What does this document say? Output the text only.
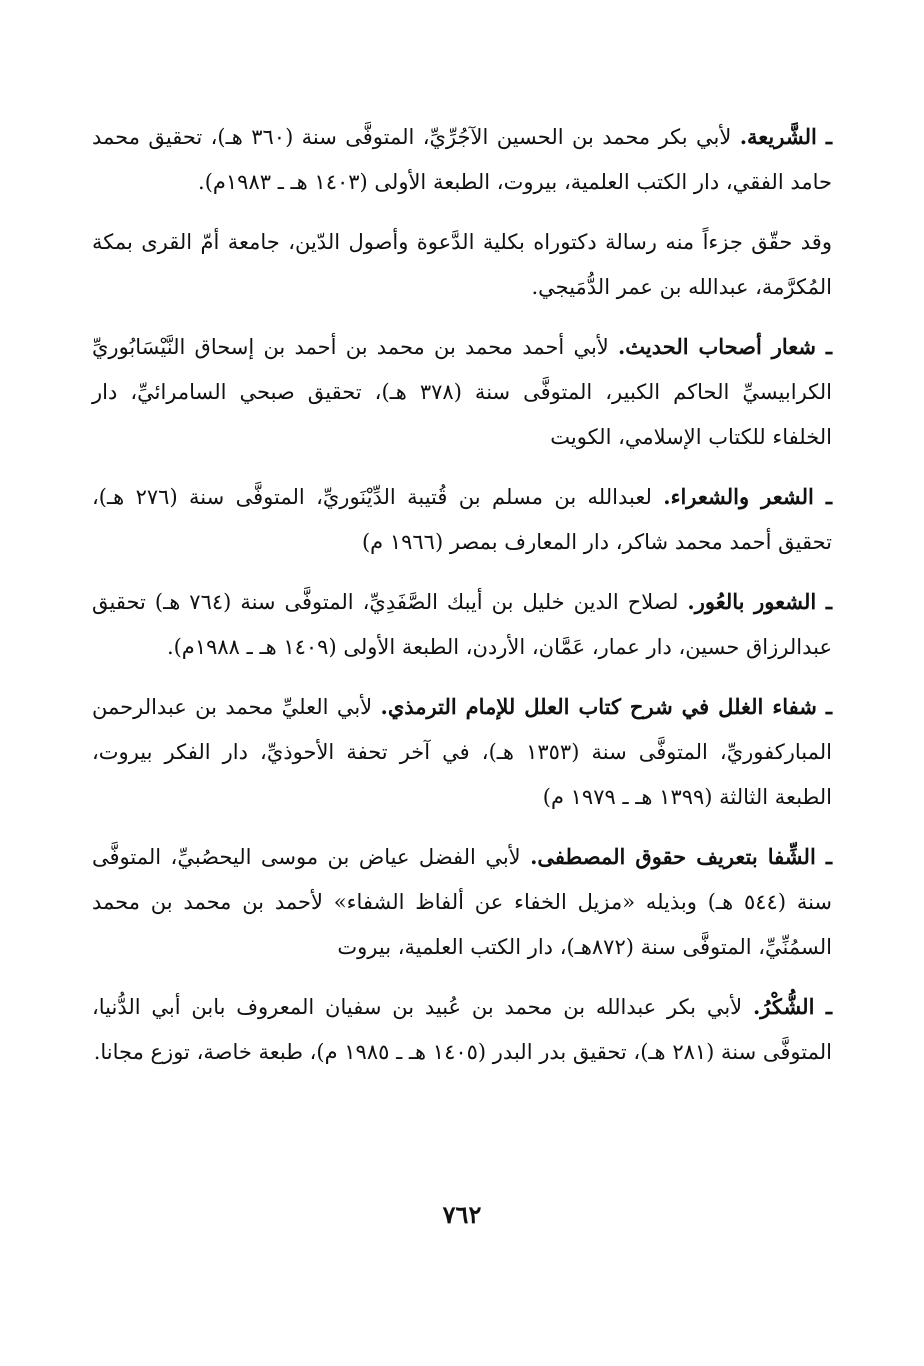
ـ الشَّريعة. لأبي بكر محمد بن الحسين الآجُرِّيِّ، المتوفَّى سنة (٣٦٠ هـ)، تحقيق محمد حامد الفقي، دار الكتب العلمية، بيروت، الطبعة الأولى (١٤٠٣ هـ ـ ١٩٨٣م).

وقد حقّق جزءاً منه رسالة دكتوراه بكلية الدَّعوة وأصول الدّين، جامعة أمّ القرى بمكة المُكرَّمة، عبدالله بن عمر الدُّمَيجي.

ـ شعار أصحاب الحديث. لأبي أحمد محمد بن محمد بن أحمد بن إسحاق النَّيْسَابُوريِّ الكرابيسيِّ الحاكم الكبير، المتوفَّى سنة (٣٧٨ هـ)، تحقيق صبحي السامرائيِّ، دار الخلفاء للكتاب الإسلامي، الكويت

ـ الشعر والشعراء. لعبدالله بن مسلم بن قُتيبة الدِّيْنَوريِّ، المتوفَّى سنة (٢٧٦ هـ)، تحقيق أحمد محمد شاكر، دار المعارف بمصر (١٩٦٦ م)

ـ الشعور بالعُور. لصلاح الدين خليل بن أيبك الصَّفَدِيِّ، المتوفَّى سنة (٧٦٤ هـ) تحقيق عبدالرزاق حسين، دار عمار، عَمَّان، الأردن، الطبعة الأولى (١٤٠٩ هـ ـ ١٩٨٨م).

ـ شفاء الغلل في شرح كتاب العلل للإمام الترمذي. لأبي العليِّ محمد بن عبدالرحمن المباركفوريِّ، المتوفَّى سنة (١٣٥٣ هـ)، في آخر تحفة الأحوذيِّ، دار الفكر بيروت، الطبعة الثالثة (١٣٩٩ هـ ـ ١٩٧٩ م)

ـ الشِّفا بتعريف حقوق المصطفى. لأبي الفضل عياض بن موسى اليحصُبيِّ، المتوفَّى سنة (٥٤٤ هـ) وبذيله «مزيل الخفاء عن ألفاظ الشفاء» لأحمد بن محمد بن محمد السمُنِّيِّ، المتوفَّى سنة (٨٧٢هـ)، دار الكتب العلمية، بيروت

ـ الشُّكْرُ. لأبي بكر عبدالله بن محمد بن عُبيد بن سفيان المعروف بابن أبي الدُّنيا، المتوفَّى سنة (٢٨١ هـ)، تحقيق بدر البدر (١٤٠٥ هـ ـ ١٩٨٥ م)، طبعة خاصة، توزع مجانا.

٧٦٢
